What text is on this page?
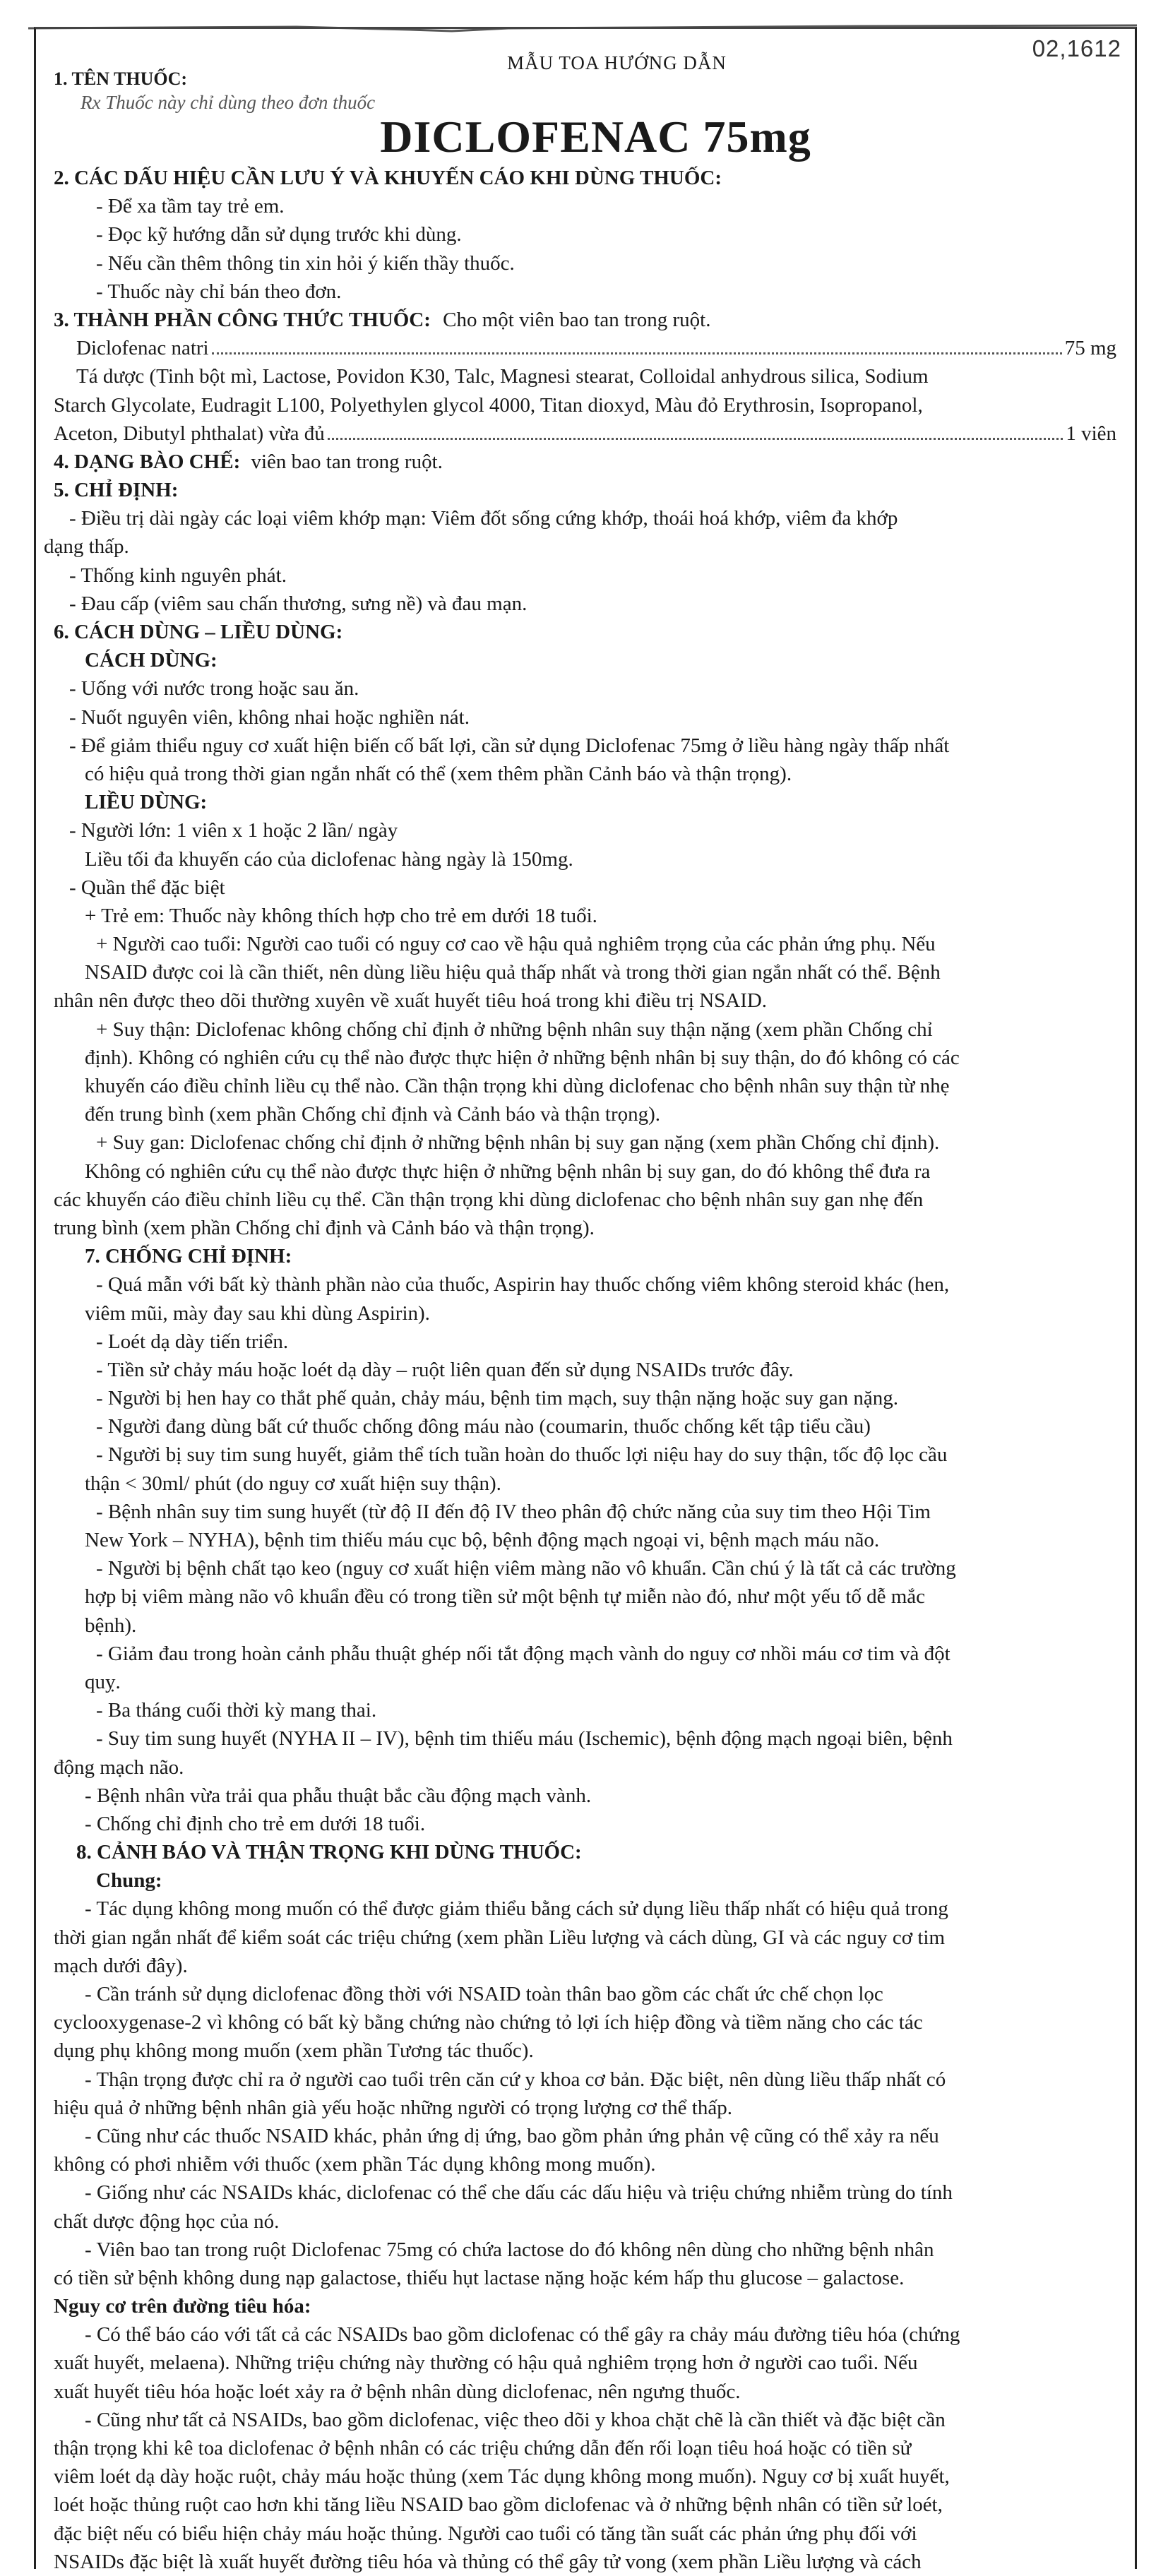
02,1612
MẪU TOA HƯỚNG DẪN
1. TÊN THUỐC:
Rx Thuốc này chỉ dùng theo đơn thuốc
DICLOFENAC 75mg
2. CÁC DẤU HIỆU CẦN LƯU Ý VÀ KHUYẾN CÁO KHI DÙNG THUỐC:
- Để xa tầm tay trẻ em.
- Đọc kỹ hướng dẫn sử dụng trước khi dùng.
- Nếu cần thêm thông tin xin hỏi ý kiến thầy thuốc.
- Thuốc này chỉ bán theo đơn.
3. THÀNH PHẦN CÔNG THỨC THUỐC: Cho một viên bao tan trong ruột.
Diclofenac natri	75 mg
Tá dược (Tinh bột mì, Lactose, Povidon K30, Talc, Magnesi stearat, Colloidal anhydrous silica, Sodium
Starch Glycolate, Eudragit L100, Polyethylen glycol 4000, Titan dioxyd, Màu đỏ Erythrosin, Isopropanol,
Aceton, Dibutyl phthalat) vừa đủ	1 viên
4. DẠNG BÀO CHẾ: viên bao tan trong ruột.
5. CHỈ ĐỊNH:
- Điều trị dài ngày các loại viêm khớp mạn: Viêm đốt sống cứng khớp, thoái hoá khớp, viêm đa khớp
dạng thấp.
- Thống kinh nguyên phát.
- Đau cấp (viêm sau chấn thương, sưng nề) và đau mạn.
6. CÁCH DÙNG – LIỀU DÙNG:
CÁCH DÙNG:
- Uống với nước trong hoặc sau ăn.
- Nuốt nguyên viên, không nhai hoặc nghiền nát.
- Để giảm thiểu nguy cơ xuất hiện biến cố bất lợi, cần sử dụng Diclofenac 75mg ở liều hàng ngày thấp nhất
có hiệu quả trong thời gian ngắn nhất có thể (xem thêm phần Cảnh báo và thận trọng).
LIỀU DÙNG:
- Người lớn: 1 viên x 1 hoặc 2 lần/ ngày
Liều tối đa khuyến cáo của diclofenac hàng ngày là 150mg.
- Quần thể đặc biệt
+ Trẻ em: Thuốc này không thích hợp cho trẻ em dưới 18 tuổi.
+ Người cao tuổi: Người cao tuổi có nguy cơ cao về hậu quả nghiêm trọng của các phản ứng phụ. Nếu
NSAID được coi là cần thiết, nên dùng liều hiệu quả thấp nhất và trong thời gian ngắn nhất có thể. Bệnh
nhân nên được theo dõi thường xuyên về xuất huyết tiêu hoá trong khi điều trị NSAID.
+ Suy thận: Diclofenac không chống chỉ định ở những bệnh nhân suy thận nặng (xem phần Chống chỉ
định). Không có nghiên cứu cụ thể nào được thực hiện ở những bệnh nhân bị suy thận, do đó không có các
khuyến cáo điều chỉnh liều cụ thể nào. Cần thận trọng khi dùng diclofenac cho bệnh nhân suy thận từ nhẹ
đến trung bình (xem phần Chống chỉ định và Cảnh báo và thận trọng).
+ Suy gan: Diclofenac chống chỉ định ở những bệnh nhân bị suy gan nặng (xem phần Chống chỉ định).
Không có nghiên cứu cụ thể nào được thực hiện ở những bệnh nhân bị suy gan, do đó không thể đưa ra
các khuyến cáo điều chỉnh liều cụ thể. Cần thận trọng khi dùng diclofenac cho bệnh nhân suy gan nhẹ đến
trung bình (xem phần Chống chỉ định và Cảnh báo và thận trọng).
7. CHỐNG CHỈ ĐỊNH:
- Quá mẫn với bất kỳ thành phần nào của thuốc, Aspirin hay thuốc chống viêm không steroid khác (hen,
viêm mũi, mày đay sau khi dùng Aspirin).
- Loét dạ dày tiến triển.
- Tiền sử chảy máu hoặc loét dạ dày – ruột liên quan đến sử dụng NSAIDs trước đây.
- Người bị hen hay co thắt phế quản, chảy máu, bệnh tim mạch, suy thận nặng hoặc suy gan nặng.
- Người đang dùng bất cứ thuốc chống đông máu nào (coumarin, thuốc chống kết tập tiểu cầu)
- Người bị suy tim sung huyết, giảm thể tích tuần hoàn do thuốc lợi niệu hay do suy thận, tốc độ lọc cầu
thận < 30ml/ phút (do nguy cơ xuất hiện suy thận).
- Bệnh nhân suy tim sung huyết (từ độ II đến độ IV theo phân độ chức năng của suy tim theo Hội Tim
New York – NYHA), bệnh tim thiếu máu cục bộ, bệnh động mạch ngoại vi, bệnh mạch máu não.
- Người bị bệnh chất tạo keo (nguy cơ xuất hiện viêm màng não vô khuẩn. Cần chú ý là tất cả các trường
hợp bị viêm màng não vô khuẩn đều có trong tiền sử một bệnh tự miễn nào đó, như một yếu tố dễ mắc
bệnh).
- Giảm đau trong hoàn cảnh phẫu thuật ghép nối tắt động mạch vành do nguy cơ nhồi máu cơ tim và đột
quỵ.
- Ba tháng cuối thời kỳ mang thai.
- Suy tim sung huyết (NYHA II – IV), bệnh tim thiếu máu (Ischemic), bệnh động mạch ngoại biên, bệnh
động mạch não.
- Bệnh nhân vừa trải qua phẫu thuật bắc cầu động mạch vành.
- Chống chỉ định cho trẻ em dưới 18 tuổi.
8. CẢNH BÁO VÀ THẬN TRỌNG KHI DÙNG THUỐC:
Chung:
- Tác dụng không mong muốn có thể được giảm thiểu bằng cách sử dụng liều thấp nhất có hiệu quả trong
thời gian ngắn nhất để kiểm soát các triệu chứng (xem phần Liều lượng và cách dùng, GI và các nguy cơ tim
mạch dưới đây).
- Cần tránh sử dụng diclofenac đồng thời với NSAID toàn thân bao gồm các chất ức chế chọn lọc
cyclooxygenase-2 vì không có bất kỳ bằng chứng nào chứng tỏ lợi ích hiệp đồng và tiềm năng cho các tác
dụng phụ không mong muốn (xem phần Tương tác thuốc).
- Thận trọng được chỉ ra ở người cao tuổi trên căn cứ y khoa cơ bản. Đặc biệt, nên dùng liều thấp nhất có
hiệu quả ở những bệnh nhân già yếu hoặc những người có trọng lượng cơ thể thấp.
- Cũng như các thuốc NSAID khác, phản ứng dị ứng, bao gồm phản ứng phản vệ cũng có thể xảy ra nếu
không có phơi nhiễm với thuốc (xem phần Tác dụng không mong muốn).
- Giống như các NSAIDs khác, diclofenac có thể che dấu các dấu hiệu và triệu chứng nhiễm trùng do tính
chất dược động học của nó.
- Viên bao tan trong ruột Diclofenac 75mg có chứa lactose do đó không nên dùng cho những bệnh nhân
có tiền sử bệnh không dung nạp galactose, thiếu hụt lactase nặng hoặc kém hấp thu glucose – galactose.
Nguy cơ trên đường tiêu hóa:
- Có thể báo cáo với tất cả các NSAIDs bao gồm diclofenac có thể gây ra chảy máu đường tiêu hóa (chứng
xuất huyết, melaena). Những triệu chứng này thường có hậu quả nghiêm trọng hơn ở người cao tuổi. Nếu
xuất huyết tiêu hóa hoặc loét xảy ra ở bệnh nhân dùng diclofenac, nên ngưng thuốc.
- Cũng như tất cả NSAIDs, bao gồm diclofenac, việc theo dõi y khoa chặt chẽ là cần thiết và đặc biệt cần
thận trọng khi kê toa diclofenac ở bệnh nhân có các triệu chứng dẫn đến rối loạn tiêu hoá hoặc có tiền sử
viêm loét dạ dày hoặc ruột, chảy máu hoặc thủng (xem Tác dụng không mong muốn). Nguy cơ bị xuất huyết,
loét hoặc thủng ruột cao hơn khi tăng liều NSAID bao gồm diclofenac và ở những bệnh nhân có tiền sử loét,
đặc biệt nếu có biểu hiện chảy máu hoặc thủng. Người cao tuổi có tăng tần suất các phản ứng phụ đối với
NSAIDs đặc biệt là xuất huyết đường tiêu hóa và thủng có thể gây tử vong (xem phần Liều lượng và cách
